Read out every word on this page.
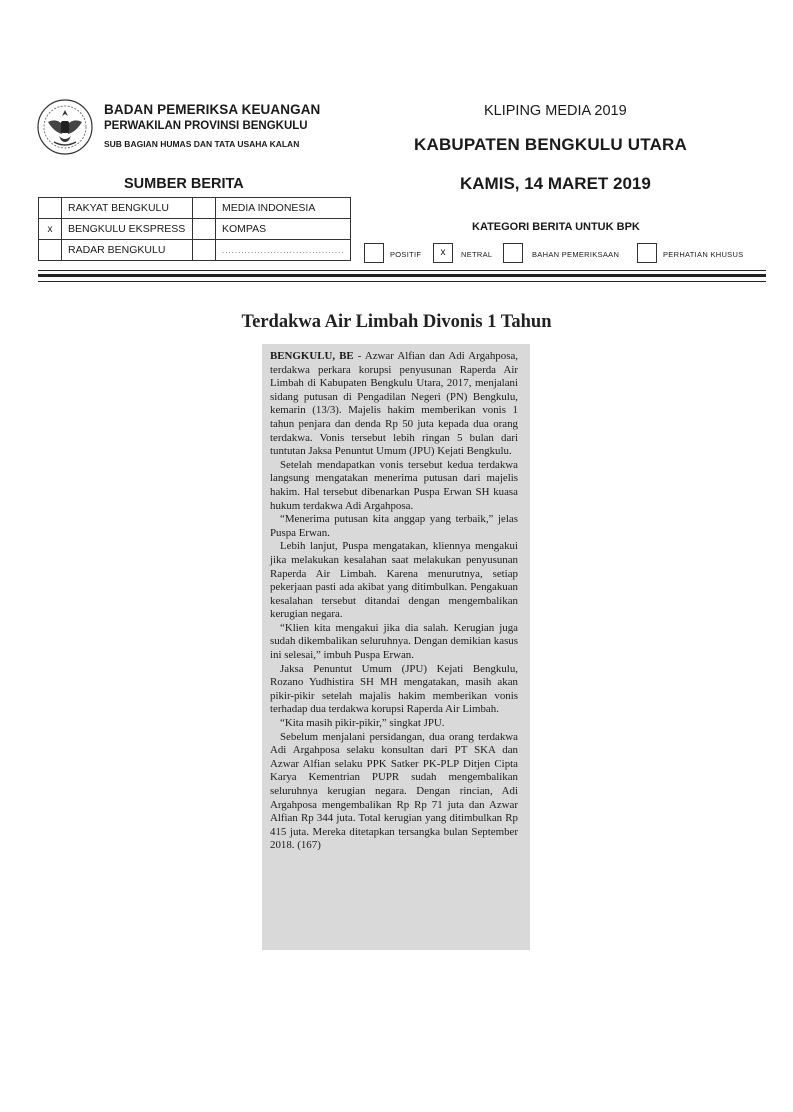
BADAN PEMERIKSA KEUANGAN
PERWAKILAN PROVINSI BENGKULU
SUB BAGIAN HUMAS DAN TATA USAHA KALAN
KLIPING MEDIA 2019
KABUPATEN BENGKULU UTARA
KAMIS, 14 MARET 2019
SUMBER BERITA
	RAKYAT BENGKULU		MEDIA INDONESIA
x	BENGKULU EKSPRESS		KOMPAS
	RADAR BENGKULU		......................................
KATEGORI BERITA UNTUK BPK
POSITIF	x	NETRAL	BAHAN PEMERIKSAAN	PERHATIAN KHUSUS
Terdakwa Air Limbah Divonis 1 Tahun

BENGKULU, BE - Azwar Alfian dan Adi Argahposa, terdakwa perkara korupsi penyusunan Raperda Air Limbah di Kabupaten Bengkulu Utara, 2017, menjalani sidang putusan di Pengadilan Negeri (PN) Bengkulu, kemarin (13/3). Majelis hakim memberikan vonis 1 tahun penjara dan denda Rp 50 juta kepada dua orang terdakwa. Vonis tersebut lebih ringan 5 bulan dari tuntutan Jaksa Penuntut Umum (JPU) Kejati Bengkulu.

Setelah mendapatkan vonis tersebut kedua terdakwa langsung mengatakan menerima putusan dari majelis hakim. Hal tersebut dibenarkan Puspa Erwan SH kuasa hukum terdakwa Adi Argahposa.

“Menerima putusan kita anggap yang terbaik,” jelas Puspa Erwan.

Lebih lanjut, Puspa mengatakan, kliennya mengakui jika melakukan kesalahan saat melakukan penyusunan Raperda Air Limbah. Karena menurutnya, setiap pekerjaan pasti ada akibat yang ditimbulkan. Pengakuan kesalahan tersebut ditandai dengan mengembalikan kerugian negara.

“Klien kita mengakui jika dia salah. Kerugian juga sudah dikembalikan seluruhnya. Dengan demikian kasus ini selesai,” imbuh Puspa Erwan.

Jaksa Penuntut Umum (JPU) Kejati Bengkulu, Rozano Yudhistira SH MH mengatakan, masih akan pikir-pikir setelah majalis hakim memberikan vonis terhadap dua terdakwa korupsi Raperda Air Limbah.

“Kita masih pikir-pikir,” singkat JPU.

Sebelum menjalani persidangan, dua orang terdakwa Adi Argahposa selaku konsultan dari PT SKA dan Azwar Alfian selaku PPK Satker PK-PLP Ditjen Cipta Karya Kementrian PUPR sudah mengembalikan seluruhnya kerugian negara. Dengan rincian, Adi Argahposa mengembalikan Rp Rp 71 juta dan Azwar Alfian Rp 344 juta. Total kerugian yang ditimbulkan Rp 415 juta. Mereka ditetapkan tersangka bulan September 2018. (167)
